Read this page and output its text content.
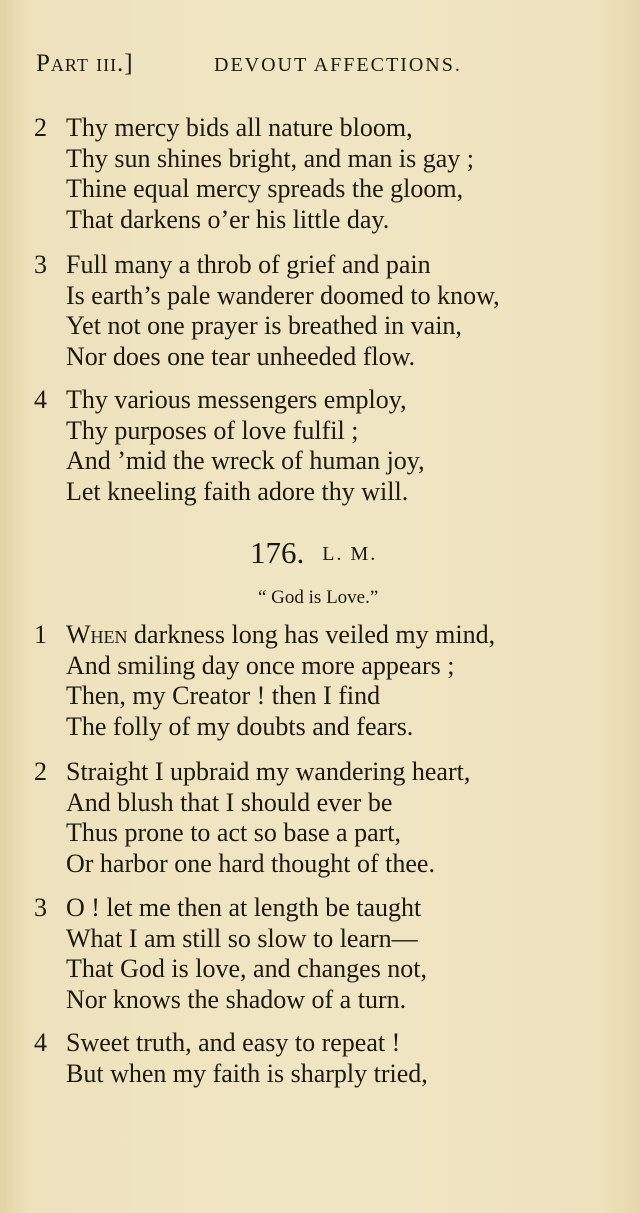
Part iii.]	DEVOUT AFFECTIONS.
2 Thy mercy bids all nature bloom,
Thy sun shines bright, and man is gay ;
Thine equal mercy spreads the gloom,
That darkens o’er his little day.
3 Full many a throb of grief and pain
Is earth’s pale wanderer doomed to know,
Yet not one prayer is breathed in vain,
Nor does one tear unheeded flow.
4 Thy various messengers employ,
Thy purposes of love fulfil ;
And ’mid the wreck of human joy,
Let kneeling faith adore thy will.
176. L. M.
“ God is Love.”
1 When darkness long has veiled my mind,
And smiling day once more appears ;
Then, my Creator ! then I find
The folly of my doubts and fears.
2 Straight I upbraid my wandering heart,
And blush that I should ever be
Thus prone to act so base a part,
Or harbor one hard thought of thee.
3 O ! let me then at length be taught
What I am still so slow to learn—
That God is love, and changes not,
Nor knows the shadow of a turn.
4 Sweet truth, and easy to repeat !
But when my faith is sharply tried,
